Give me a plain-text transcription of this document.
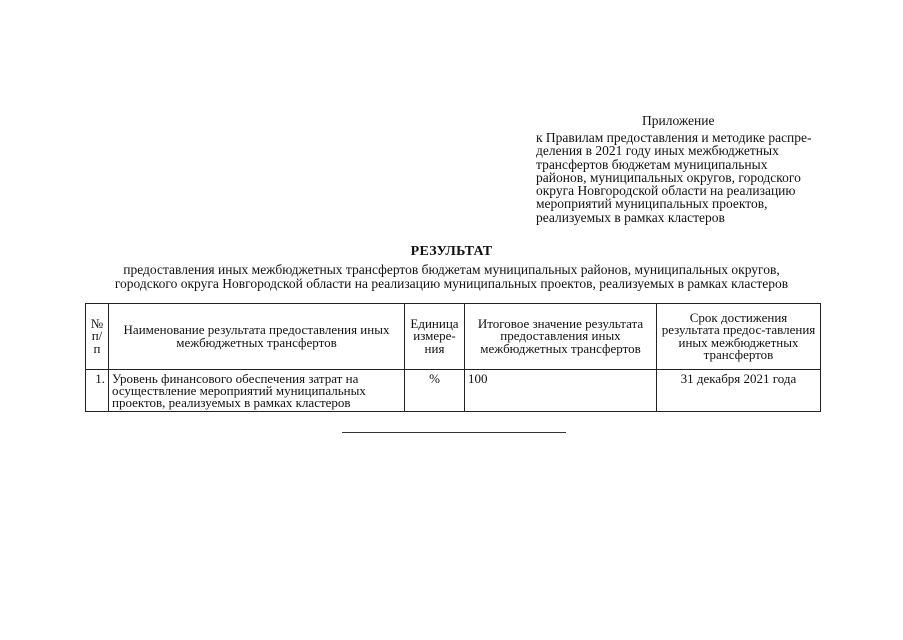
Приложение
к Правилам предоставления и методике распре-
деления в 2021 году иных межбюджетных
трансфертов бюджетам муниципальных
районов, муниципальных округов, городского
округа Новгородской области на реализацию
мероприятий муниципальных проектов,
реализуемых в рамках кластеров
РЕЗУЛЬТАТ
предоставления иных межбюджетных трансфертов бюджетам муниципальных районов, муниципальных округов,
городского округа Новгородской области на реализацию муниципальных проектов, реализуемых в рамках кластеров
№ п/п	Наименование результата предоставления иных межбюджетных трансфертов	Единица измере-ния	Итоговое значение результата предоставления иных межбюджетных трансфертов	Срок достижения результата предос-тавления иных межбюджетных трансфертов
1.	Уровень финансового обеспечения затрат на осуществление мероприятий муниципальных проектов, реализуемых в рамках кластеров	%	100	31 декабря 2021 года
